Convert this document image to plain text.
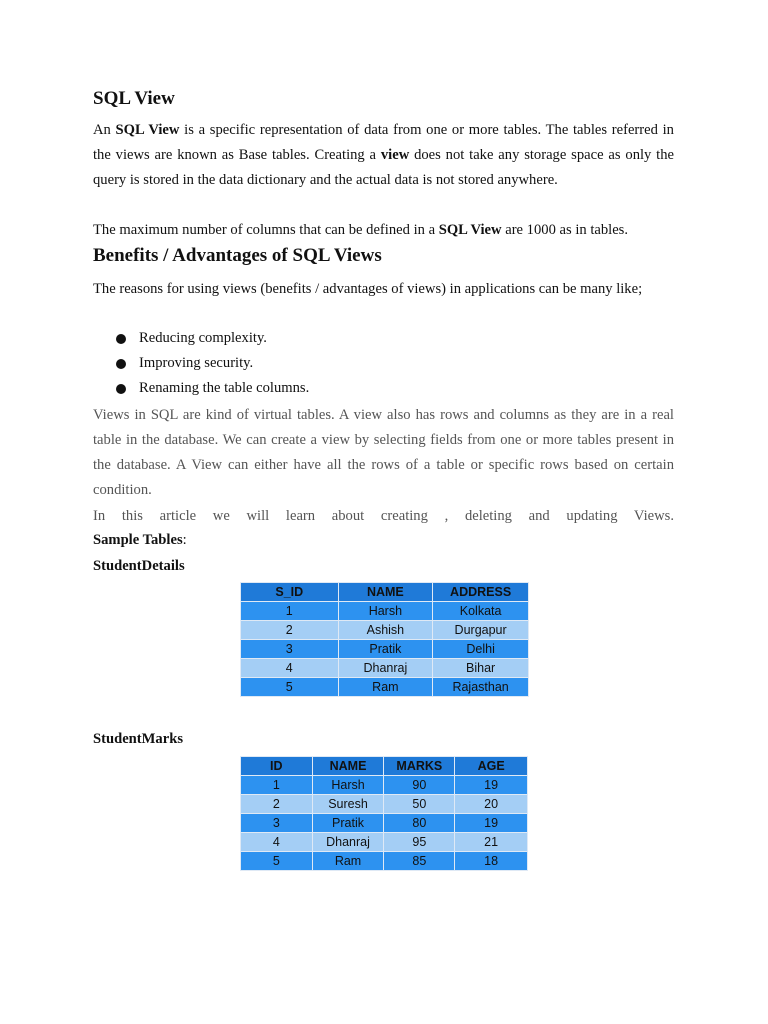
SQL View
An SQL View is a specific representation of data from one or more tables. The tables referred in the views are known as Base tables. Creating a view does not take any storage space as only the query is stored in the data dictionary and the actual data is not stored anywhere.
The maximum number of columns that can be defined in a SQL View are 1000 as in tables.
Benefits / Advantages of SQL Views
The reasons for using views (benefits / advantages of views) in applications can be many like;
Reducing complexity.
Improving security.
Renaming the table columns.
Views in SQL are kind of virtual tables. A view also has rows and columns as they are in a real table in the database. We can create a view by selecting fields from one or more tables present in the database. A View can either have all the rows of a table or specific rows based on certain condition.
In this article we will learn about creating , deleting and updating Views.
Sample Tables:
StudentDetails
StudentMarks
S_ID	NAME	ADDRESS
1	Harsh	Kolkata
2	Ashish	Durgapur
3	Pratik	Delhi
4	Dhanraj	Bihar
5	Ram	Rajasthan
ID	NAME	MARKS	AGE
1	Harsh	90	19
2	Suresh	50	20
3	Pratik	80	19
4	Dhanraj	95	21
5	Ram	85	18
